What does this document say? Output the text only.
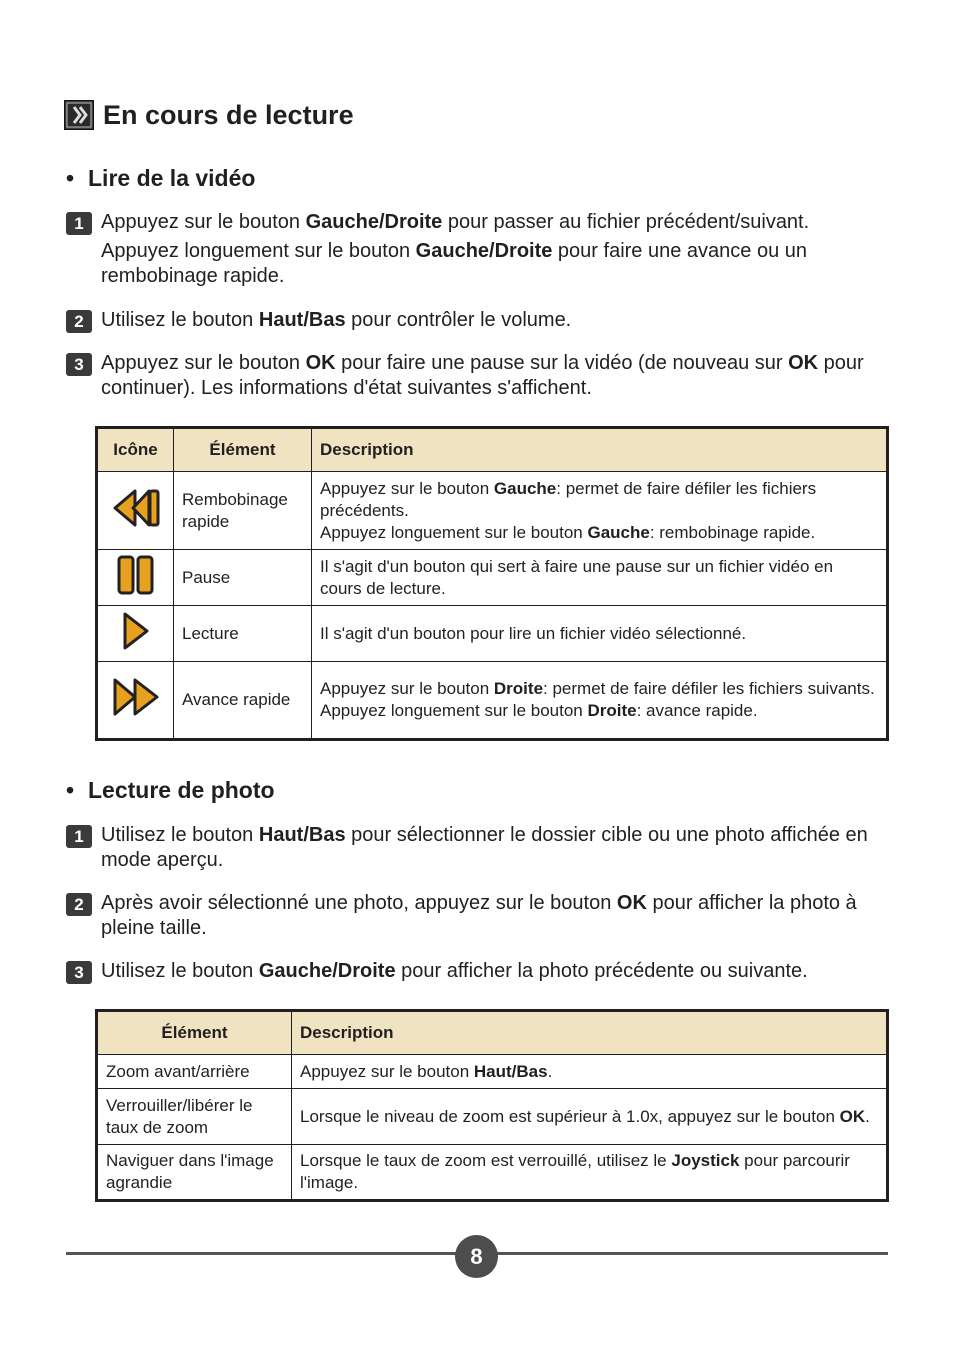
En cours de lecture
• Lire de la vidéo
1 Appuyez sur le bouton Gauche/Droite pour passer au fichier précédent/suivant.
Appuyez longuement sur le bouton Gauche/Droite pour faire une avance ou un rembobinage rapide.
2 Utilisez le bouton Haut/Bas pour contrôler le volume.
3 Appuyez sur le bouton OK pour faire une pause sur la vidéo (de nouveau sur OK pour continuer). Les informations d'état suivantes s'affichent.
Icône	Élément	Description
	Rembobinage rapide	Appuyez sur le bouton Gauche: permet de faire défiler les fichiers précédents.
Appuyez longuement sur le bouton Gauche: rembobinage rapide.

	Pause	Il s'agit d'un bouton qui sert à faire une pause sur un fichier vidéo en cours de lecture.
	Lecture	Il s'agit d'un bouton pour lire un fichier vidéo sélectionné.
	Avance rapide	Appuyez sur le bouton Droite: permet de faire défiler les fichiers suivants.
Appuyez longuement sur le bouton Droite: avance rapide.
• Lecture de photo
1 Utilisez le bouton Haut/Bas pour sélectionner le dossier cible ou une photo affichée en mode aperçu.
2 Après avoir sélectionné une photo, appuyez sur le bouton OK pour afficher la photo à pleine taille.
3 Utilisez le bouton Gauche/Droite pour afficher la photo précédente ou suivante.
Élément	Description
Zoom avant/arrière	Appuyez sur le bouton Haut/Bas.
Verrouiller/libérer le taux de zoom	Lorsque le niveau de zoom est supérieur à 1.0x, appuyez sur le bouton OK.
Naviguer dans l'image agrandie	Lorsque le taux de zoom est verrouillé, utilisez le Joystick pour parcourir l'image.
8
